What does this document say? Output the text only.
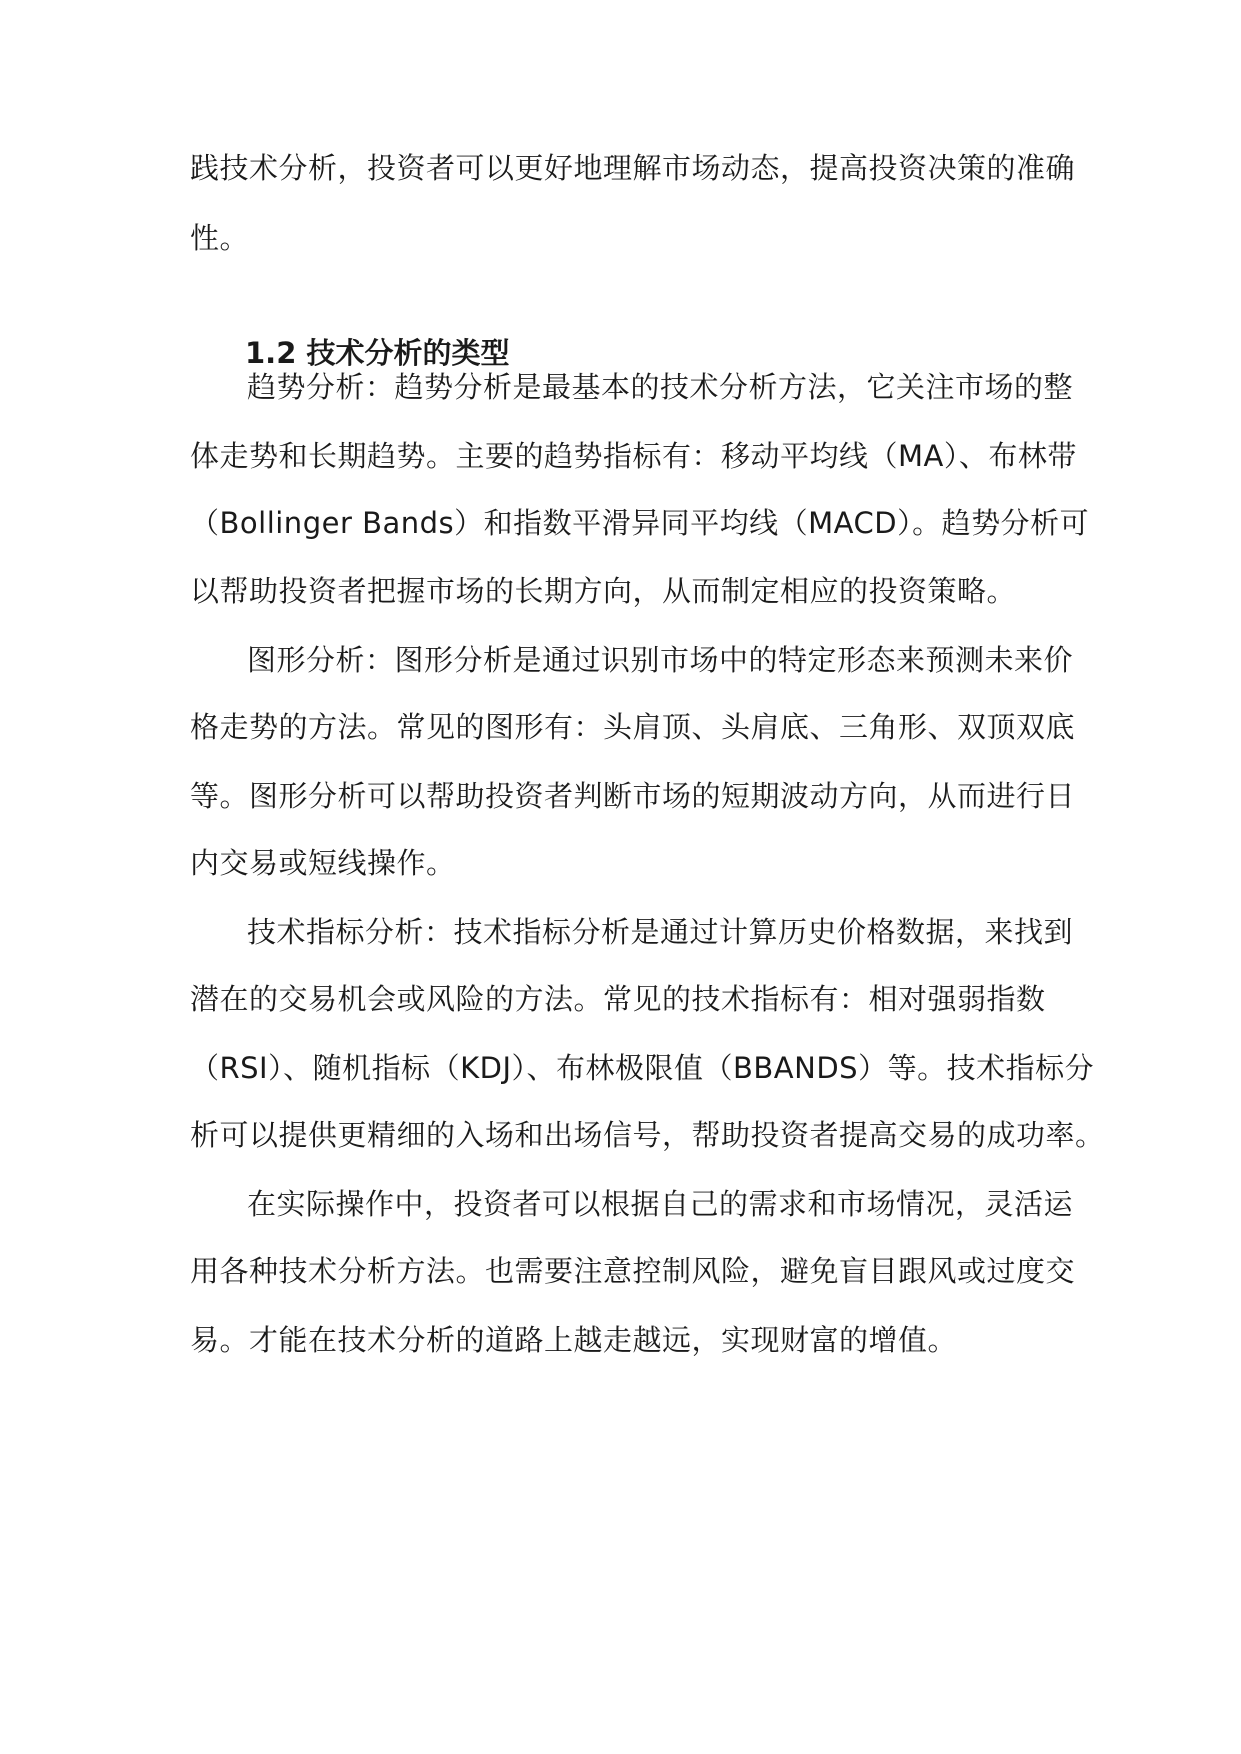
践技术分析，投资者可以更好地理解市场动态，提高投资决策的准确
性。
1.2 技术分析的类型
趋势分析：趋势分析是最基本的技术分析方法，它关注市场的整
体走势和长期趋势。主要的趋势指标有：移动平均线（MA）、布林带
（Bollinger Bands）和指数平滑异同平均线（MACD）。趋势分析可
以帮助投资者把握市场的长期方向，从而制定相应的投资策略。
图形分析：图形分析是通过识别市场中的特定形态来预测未来价
格走势的方法。常见的图形有：头肩顶、头肩底、三角形、双顶双底
等。图形分析可以帮助投资者判断市场的短期波动方向，从而进行日
内交易或短线操作。
技术指标分析：技术指标分析是通过计算历史价格数据，来找到
潜在的交易机会或风险的方法。常见的技术指标有：相对强弱指数
（RSI）、随机指标（KDJ）、布林极限值（BBANDS）等。技术指标分
析可以提供更精细的入场和出场信号，帮助投资者提高交易的成功率。
在实际操作中，投资者可以根据自己的需求和市场情况，灵活运
用各种技术分析方法。也需要注意控制风险，避免盲目跟风或过度交
易。才能在技术分析的道路上越走越远，实现财富的增值。
